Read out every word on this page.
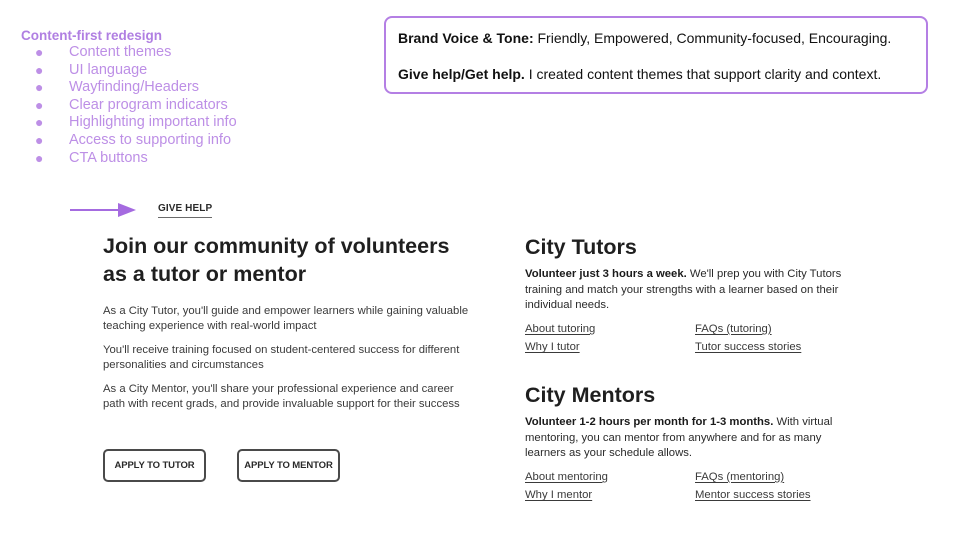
Content-first redesign
● Content themes
● UI language
● Wayfinding/Headers
● Clear program indicators
● Highlighting important info
● Access to supporting info
● CTA buttons

Brand Voice & Tone: Friendly, Empowered, Community-focused, Encouraging.

Give help/Get help. I created content themes that support clarity and context.

GIVE HELP
Join our community of volunteers as a tutor or mentor

As a City Tutor, you'll guide and empower learners while gaining valuable teaching experience with real-world impact

You'll receive training focused on student-centered success for different personalities and circumstances

As a City Mentor, you'll share your professional experience and career path with recent grads, and provide invaluable support for their success

APPLY TO TUTOR	APPLY TO MENTOR
City Tutors

Volunteer just 3 hours a week. We'll prep you with City Tutors training and match your strengths with a learner based on their individual needs.

About tutoring	FAQs (tutoring)
Why I tutor	Tutor success stories
City Mentors

Volunteer 1-2 hours per month for 1-3 months. With virtual mentoring, you can mentor from anywhere and for as many learners as your schedule allows.

About mentoring	FAQs (mentoring)
Why I mentor	Mentor success stories
